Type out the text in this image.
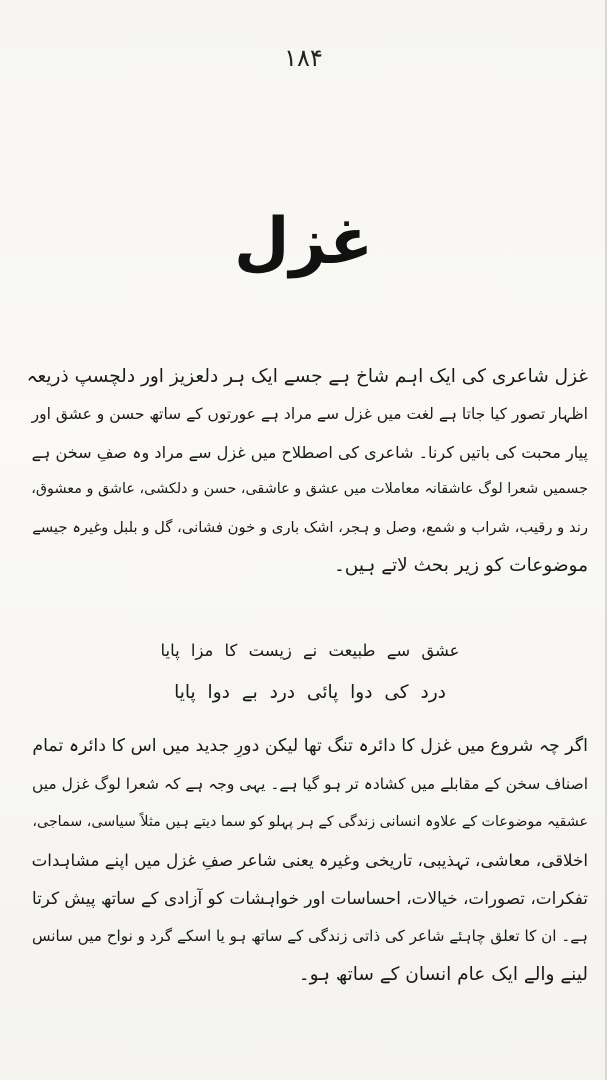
۱۸۴
غزل
غزل شاعری کی ایک اہم شاخ ہے جسے ایک ہر دلعزیز اور دلچسپ ذریعہ
اظہار تصور کیا جاتا ہے لغت میں غزل سے مراد ہے عورتوں کے ساتھ حسن و عشق اور
پیار محبت کی باتیں کرنا۔ شاعری کی اصطلاح میں غزل سے مراد وہ صفِ سخن ہے
جسمیں شعرا لوگ عاشقانہ معاملات میں عشق و عاشقی، حسن و دلکشی، عاشق و معشوق،
رند و رقیب، شراب و شمع، وصل و ہجر، اشک باری و خون فشانی، گل و بلبل وغیرہ جیسے
موضوعات کو زیر بحث لاتے ہیں۔
عشق سے طبیعت نے زیست کا مزا پایا
درد کی دوا پائی درد بے دوا پایا
اگر چہ شروع میں غزل کا دائرہ تنگ تھا لیکن دورِ جدید میں اس کا دائرہ تمام
اصناف سخن کے مقابلے میں کشادہ تر ہو گیا ہے۔ یہی وجہ ہے کہ شعرا لوگ غزل میں
عشقیہ موضوعات کے علاوہ انسانی زندگی کے ہر پہلو کو سما دیتے ہیں مثلاً سیاسی، سماجی،
اخلاقی، معاشی، تہذیبی، تاریخی وغیرہ یعنی شاعر صفِ غزل میں اپنے مشاہدات
تفکرات، تصورات، خیالات، احساسات اور خواہشات کو آزادی کے ساتھ پیش کرتا
ہے۔ ان کا تعلق چاہئے شاعر کی ذاتی زندگی کے ساتھ ہو یا اسکے گرد و نواح میں سانس
لینے والے ایک عام انسان کے ساتھ ہو۔
